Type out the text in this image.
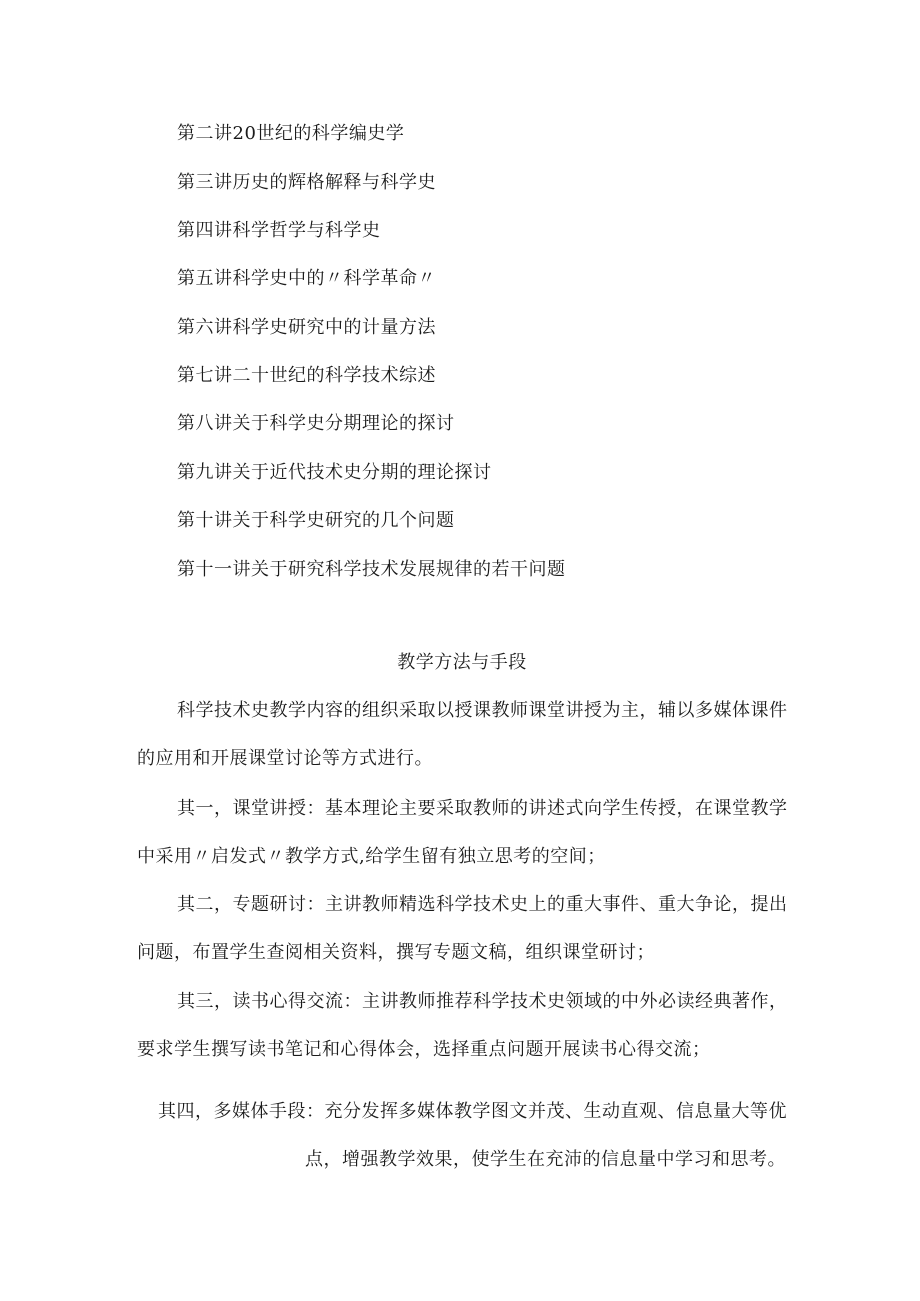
第二讲20世纪的科学编史学
第三讲历史的辉格解释与科学史
第四讲科学哲学与科学史
第五讲科学史中的〃科学革命〃
第六讲科学史研究中的计量方法
第七讲二十世纪的科学技术综述
第八讲关于科学史分期理论的探讨
第九讲关于近代技术史分期的理论探讨
第十讲关于科学史研究的几个问题
第十一讲关于研究科学技术发展规律的若干问题
教学方法与手段
科学技术史教学内容的组织采取以授课教师课堂讲授为主，辅以多媒体课件
的应用和开展课堂讨论等方式进行。
其一，课堂讲授：基本理论主要采取教师的讲述式向学生传授，在课堂教学
中采用〃启发式〃教学方式,给学生留有独立思考的空间；
其二，专题研讨：主讲教师精选科学技术史上的重大事件、重大争论，提出
问题，布置学生查阅相关资料，撰写专题文稿，组织课堂研讨；
其三，读书心得交流：主讲教师推荐科学技术史领域的中外必读经典著作，
要求学生撰写读书笔记和心得体会，选择重点问题开展读书心得交流；
其四，多媒体手段：充分发挥多媒体教学图文并茂、生动直观、信息量大等优
点，增强教学效果，使学生在充沛的信息量中学习和思考。
